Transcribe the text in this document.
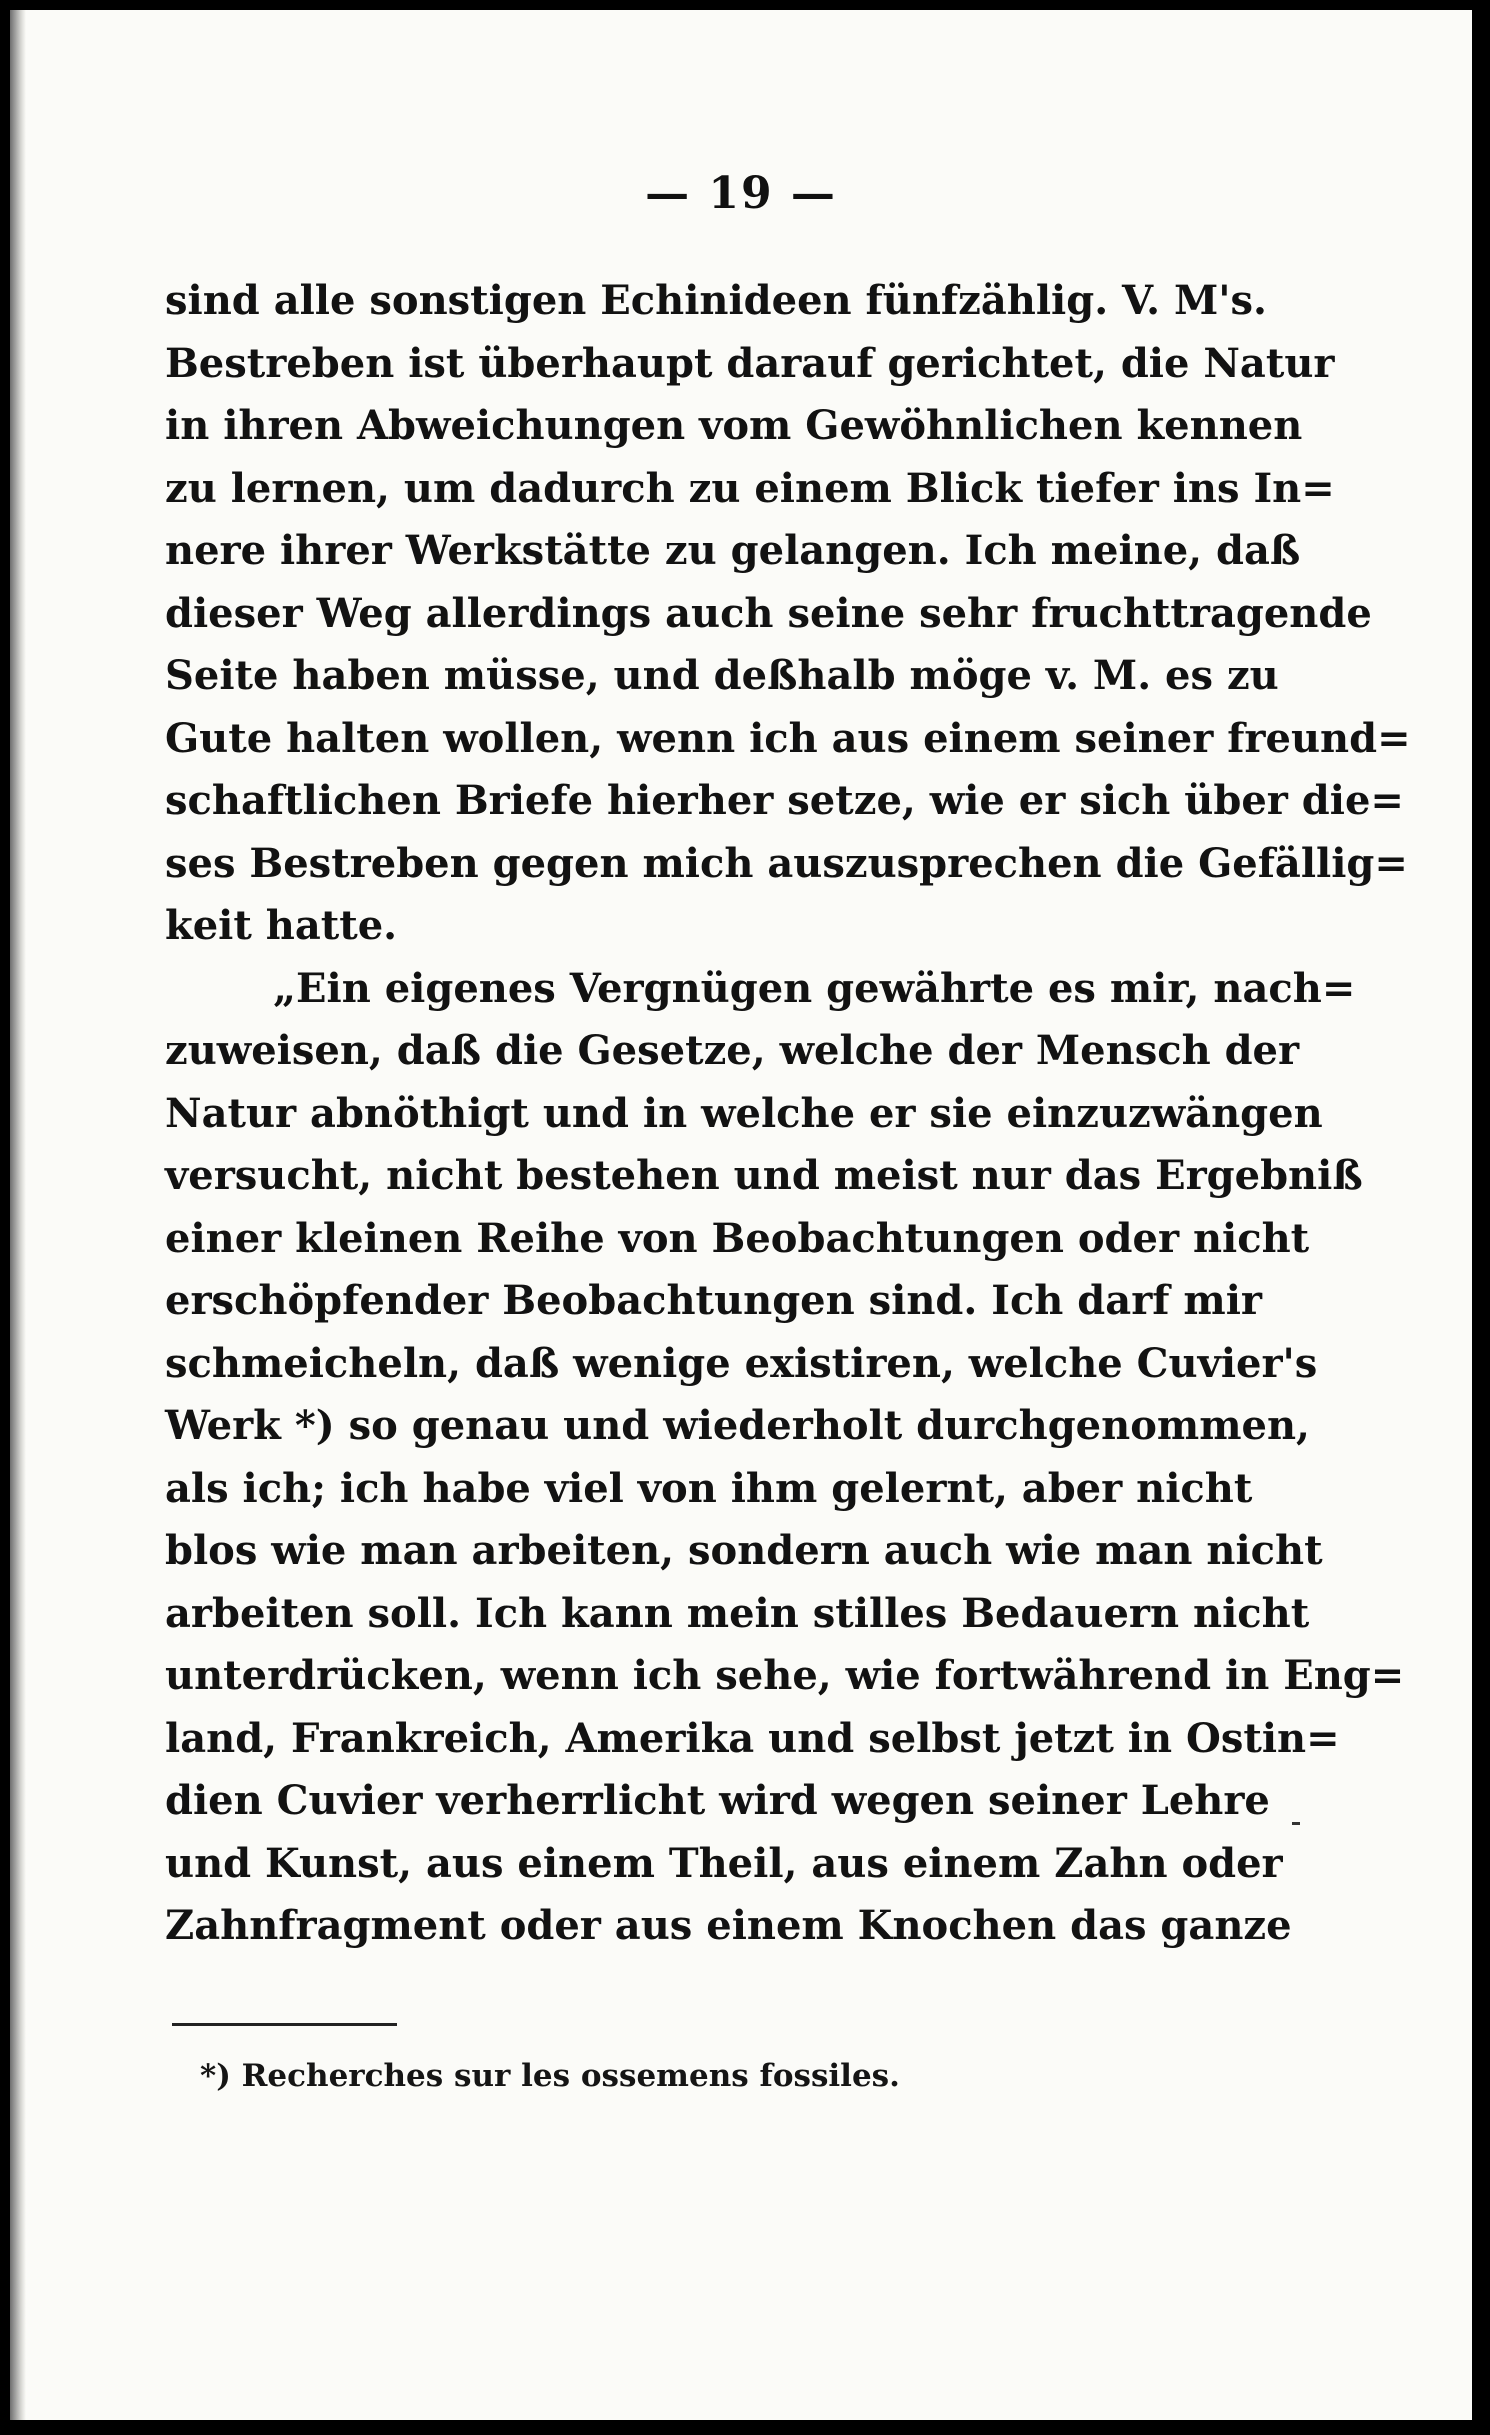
— 19 —
sind alle sonstigen Echinideen fünfzählig. V. M's.
Bestreben ist überhaupt darauf gerichtet, die Natur
in ihren Abweichungen vom Gewöhnlichen kennen
zu lernen, um dadurch zu einem Blick tiefer ins In=
nere ihrer Werkstätte zu gelangen. Ich meine, daß
dieser Weg allerdings auch seine sehr fruchttragende
Seite haben müsse, und deßhalb möge v. M. es zu
Gute halten wollen, wenn ich aus einem seiner freund=
schaftlichen Briefe hierher setze, wie er sich über die=
ses Bestreben gegen mich auszusprechen die Gefällig=
keit hatte.
„Ein eigenes Vergnügen gewährte es mir, nach=
zuweisen, daß die Gesetze, welche der Mensch der
Natur abnöthigt und in welche er sie einzuzwängen
versucht, nicht bestehen und meist nur das Ergebniß
einer kleinen Reihe von Beobachtungen oder nicht
erschöpfender Beobachtungen sind. Ich darf mir
schmeicheln, daß wenige existiren, welche Cuvier's
Werk *) so genau und wiederholt durchgenommen,
als ich; ich habe viel von ihm gelernt, aber nicht
blos wie man arbeiten, sondern auch wie man nicht
arbeiten soll. Ich kann mein stilles Bedauern nicht
unterdrücken, wenn ich sehe, wie fortwährend in Eng=
land, Frankreich, Amerika und selbst jetzt in Ostin=
dien Cuvier verherrlicht wird wegen seiner Lehre
und Kunst, aus einem Theil, aus einem Zahn oder
Zahnfragment oder aus einem Knochen das ganze
*) Recherches sur les ossemens fossiles.
